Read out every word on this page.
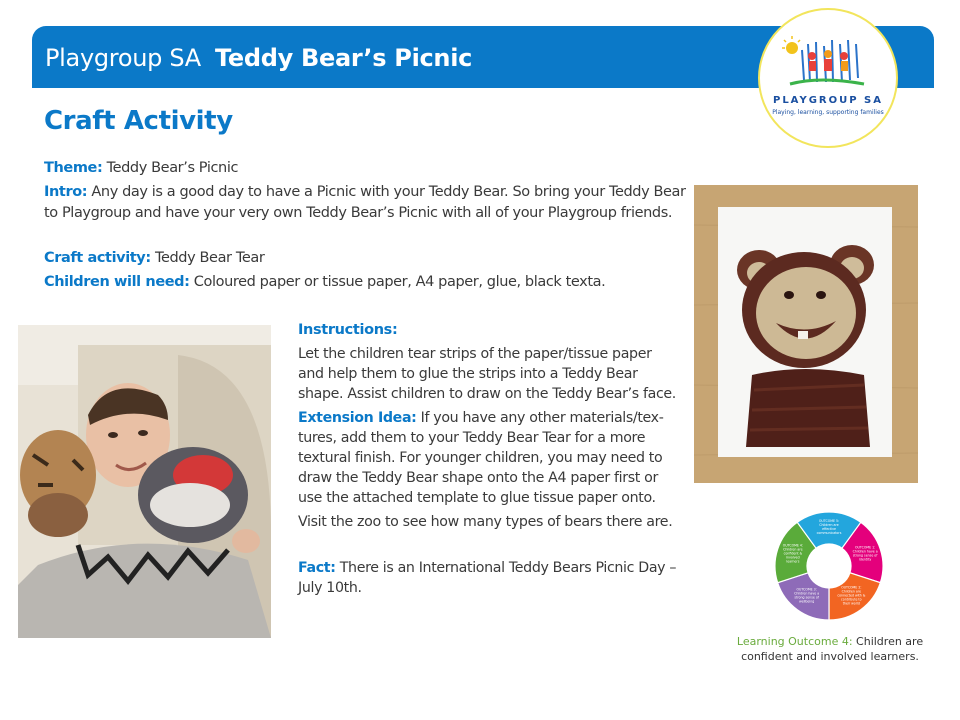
Playgroup SA Teddy Bear’s Picnic
PLAYGROUP SA
Playing, learning, supporting families
Craft Activity
Theme: Teddy Bear’s Picnic
Intro: Any day is a good day to have a Picnic with your Teddy Bear. So bring your Teddy Bear
to Playgroup and have your very own Teddy Bear’s Picnic with all of your Playgroup friends.
Craft activity: Teddy Bear Tear
Children will need: Coloured paper or tissue paper, A4 paper, glue, black texta.
Instructions:
Let the children tear strips of the paper/tissue paper
and help them to glue the strips into a Teddy Bear
shape. Assist children to draw on the Teddy Bear’s face.
Extension Idea: If you have any other materials/tex-
tures, add them to your Teddy Bear Tear for a more
textural finish. For younger children, you may need to
draw the Teddy Bear shape onto the A4 paper first or
use the attached template to glue tissue paper onto.
Visit the zoo to see how many types of bears there are.
Fact: There is an International Teddy Bears Picnic Day –
July 10th.
OUTCOME 1: Children have a strong sense of identity
OUTCOME 2: Children are connected with & contribute to their world
OUTCOME 3: Children have a strong sense of wellbeing
OUTCOME 4: Children are confident & involved learners
OUTCOME 5: Children are effective communicators
Learning Outcome 4: Children are
confident and involved learners.
